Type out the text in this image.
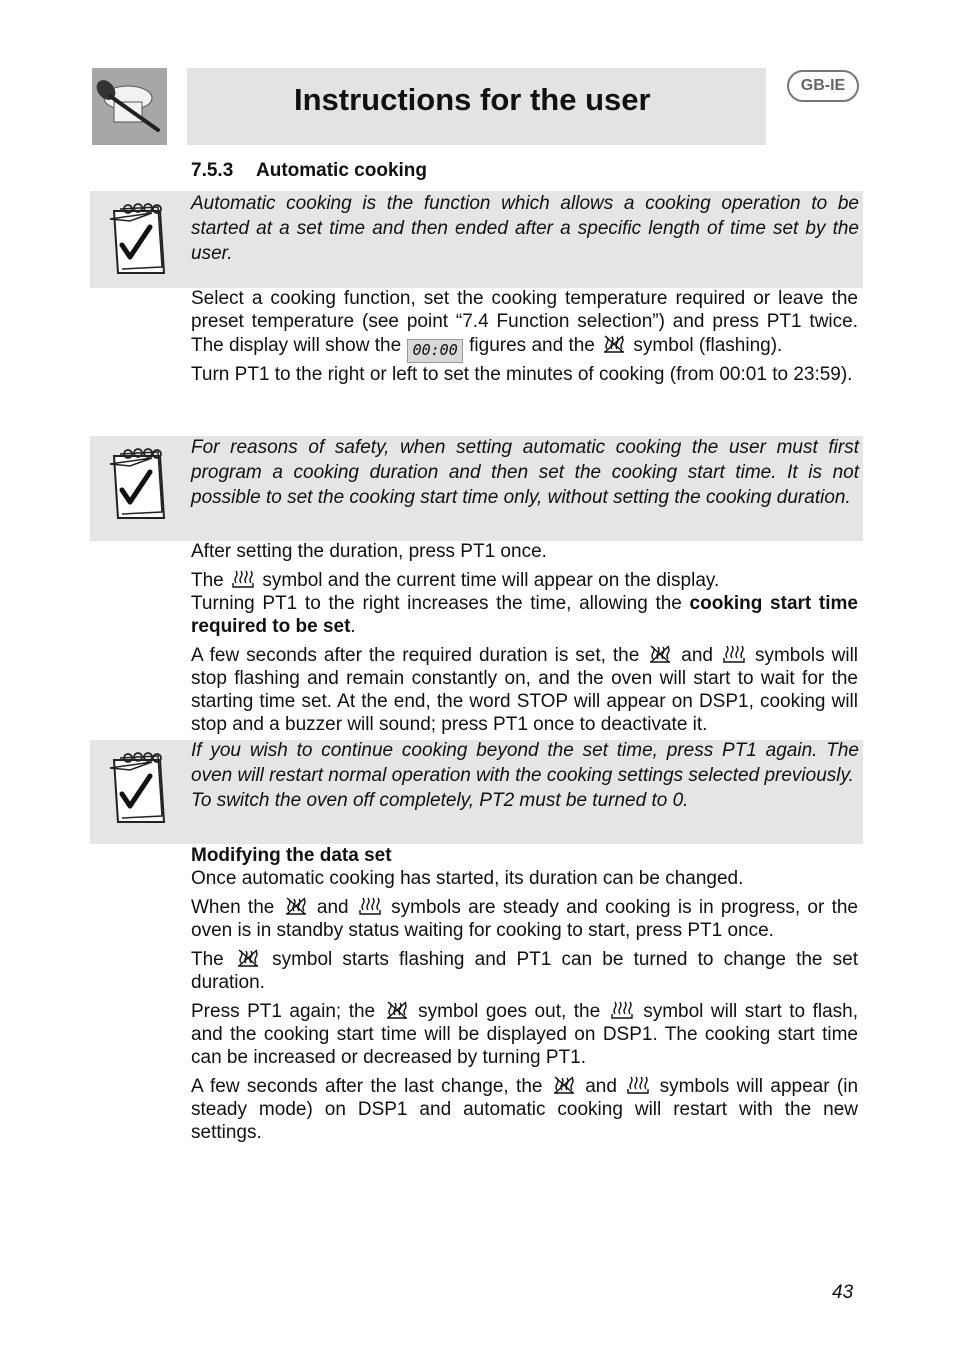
Instructions for the user	GB-IE
7.5.3 Automatic cooking

Automatic cooking is the function which allows a cooking operation to be started at a set time and then ended after a specific length of time set by the user.

Select a cooking function, set the cooking temperature required or leave the preset temperature (see point “7.4 Function selection”) and press PT1 twice. The display will show the 00:00 figures and the symbol (flashing).

Turn PT1 to the right or left to set the minutes of cooking (from 00:01 to 23:59).

For reasons of safety, when setting automatic cooking the user must first program a cooking duration and then set the cooking start time. It is not possible to set the cooking start time only, without setting the cooking duration.

After setting the duration, press PT1 once.

The symbol and the current time will appear on the display.

Turning PT1 to the right increases the time, allowing the cooking start time required to be set.

A few seconds after the required duration is set, the and symbols will stop flashing and remain constantly on, and the oven will start to wait for the starting time set. At the end, the word STOP will appear on DSP1, cooking will stop and a buzzer will sound; press PT1 once to deactivate it.

If you wish to continue cooking beyond the set time, press PT1 again. The oven will restart normal operation with the cooking settings selected previously.

To switch the oven off completely, PT2 must be turned to 0.

Modifying the data set

Once automatic cooking has started, its duration can be changed.

When the and symbols are steady and cooking is in progress, or the oven is in standby status waiting for cooking to start, press PT1 once.

The	symbol starts flashing and PT1 can be turned to change the set duration.

Press PT1 again; the symbol goes out, the symbol will start to flash, and the cooking start time will be displayed on DSP1. The cooking start time can be increased or decreased by turning PT1.

A few seconds after the last change, the and symbols will appear (in steady mode) on DSP1 and automatic cooking will restart with the new settings.

43
